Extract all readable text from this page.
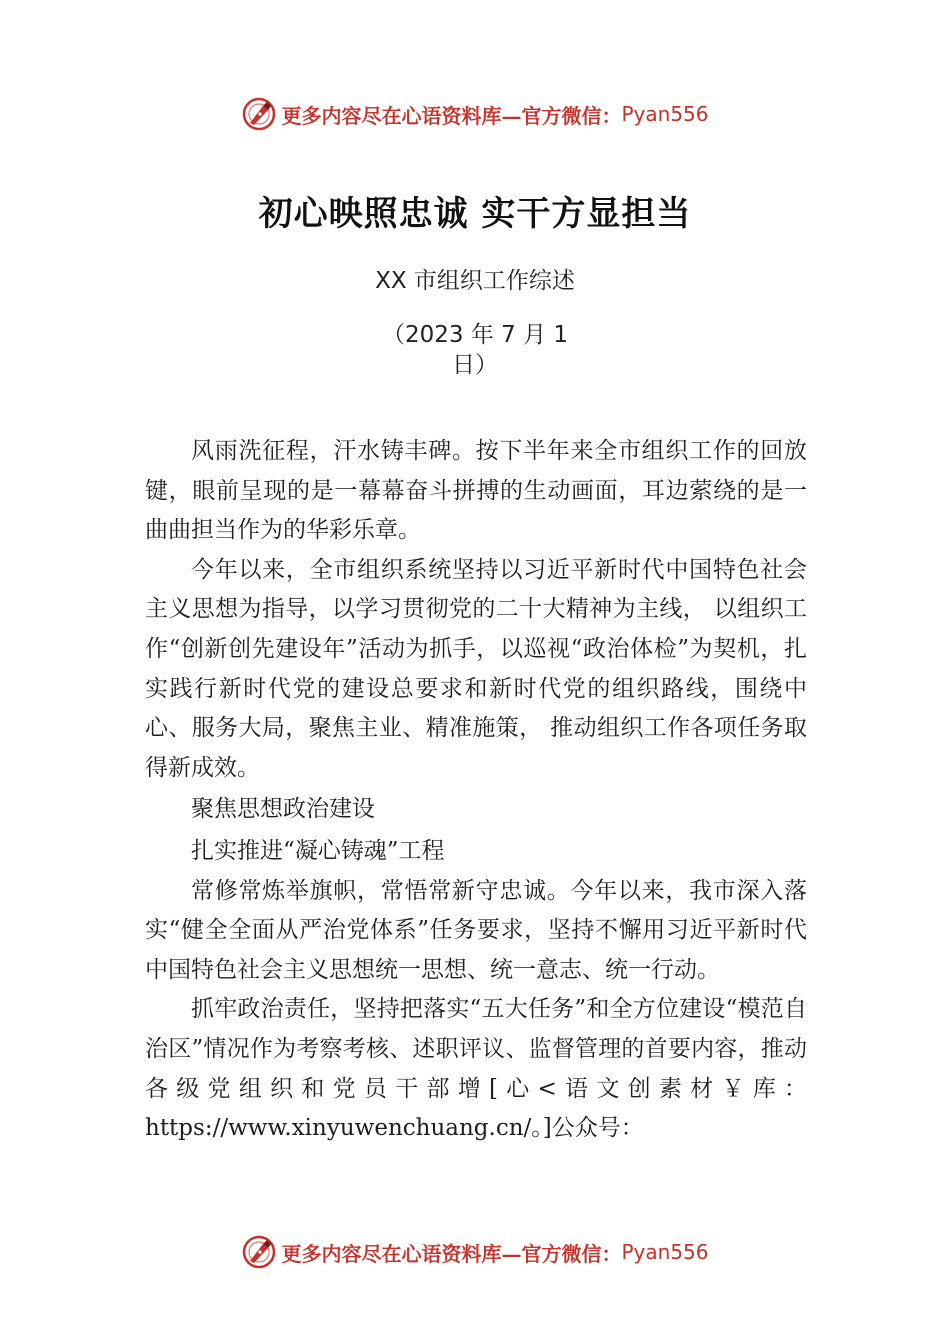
更多内容尽在心语资料库—官方微信： Pyan556
初心映照忠诚 实干方显担当
XX 市组织工作综述
（2023 年 7 月 1
日）

风雨洗征程，汗水铸丰碑。按下半年来全市组织工作的回放键，眼前呈现的是一幕幕奋斗拼搏的生动画面，耳边萦绕的是一曲曲担当作为的华彩乐章。

今年以来，全市组织系统坚持以习近平新时代中国特色社会主义思想为指导，以学习贯彻党的二十大精神为主线， 以组织工作“创新创先建设年”活动为抓手，以巡视“政治体检”为契机，扎实践行新时代党的建设总要求和新时代党的组织路线，围绕中心、服务大局，聚焦主业、精准施策， 推动组织工作各项任务取得新成效。

聚焦思想政治建设

扎实推进“凝心铸魂”工程

常修常炼举旗帜，常悟常新守忠诚。今年以来，我市深入落实“健全全面从严治党体系”任务要求，坚持不懈用习近平新时代中国特色社会主义思想统一思想、统一意志、统一行动。

抓牢政治责任，坚持把落实“五大任务”和全方位建设“模范自治区”情况作为考察考核、述职评议、监督管理的首要内容，推动各级党组织和党员干部增[心<语文创素材￥库：https://www.xinyuwenchuang.cn/。]公众号：

更多内容尽在心语资料库—官方微信： Pyan556
